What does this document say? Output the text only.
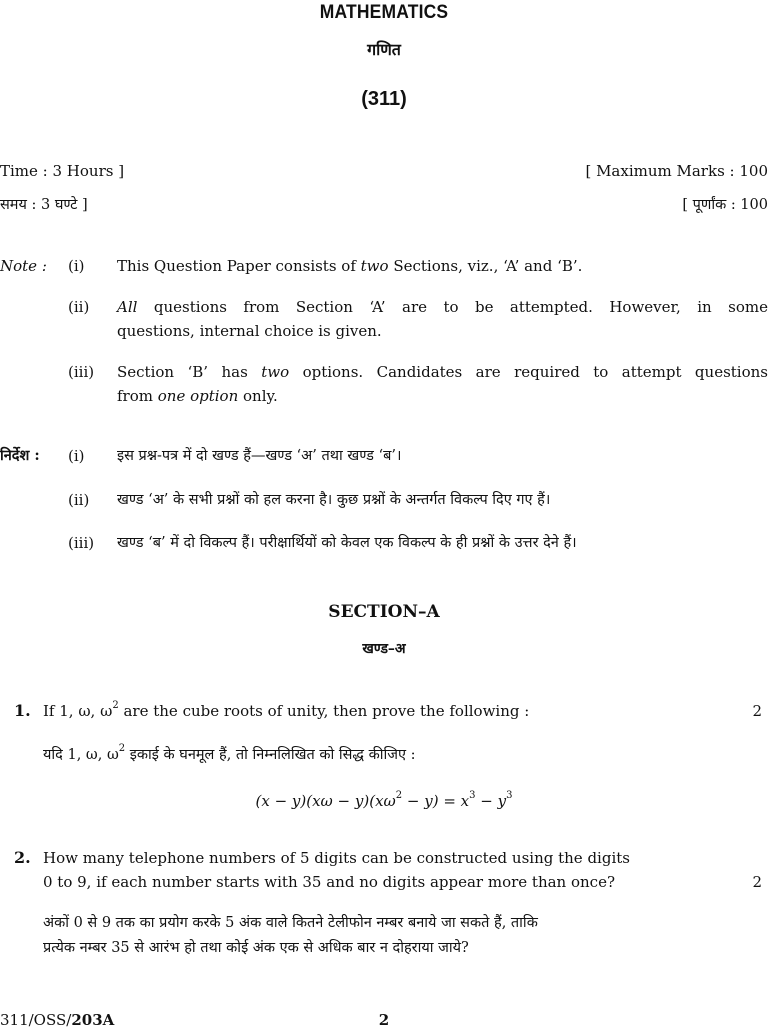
MATHEMATICS
गणित
(311)
Time : 3 Hours ]	[ Maximum Marks : 100
समय : 3 घण्टे ]	[ पूर्णांक : 100
Note : (i) This Question Paper consists of two Sections, viz., ‘A’ and ‘B’.
(ii) All questions from Section ‘A’ are to be attempted. However, in some
questions, internal choice is given.
(iii) Section ‘B’ has two options. Candidates are required to attempt questions
from one option only.
निर्देश : (i) इस प्रश्न-पत्र में दो खण्ड हैं—खण्ड ‘अ’ तथा खण्ड ‘ब’।
(ii) खण्ड ‘अ’ के सभी प्रश्नों को हल करना है। कुछ प्रश्नों के अन्तर्गत विकल्प दिए गए हैं।
(iii) खण्ड ‘ब’ में दो विकल्प हैं। परीक्षार्थियों को केवल एक विकल्प के ही प्रश्नों के उत्तर देने हैं।
SECTION–A
खण्ड–अ
1. If 1, ω, $\omega^2$ are the cube roots of unity, then prove the following :	2
यदि 1, ω, $\omega^2$ इकाई के घनमूल हैं, तो निम्नलिखित को सिद्ध कीजिए :
$(x - y)(x\omega - y)(x\omega^2 - y) = x^3 - y^3$
2. How many telephone numbers of 5 digits can be constructed using the digits
0 to 9, if each number starts with 35 and no digits appear more than once?	2
अंकों 0 से 9 तक का प्रयोग करके 5 अंक वाले कितने टेलीफोन नम्बर बनाये जा सकते हैं, ताकि
प्रत्येक नम्बर 35 से आरंभ हो तथा कोई अंक एक से अधिक बार न दोहराया जाये?
311/OSS/203A	2
